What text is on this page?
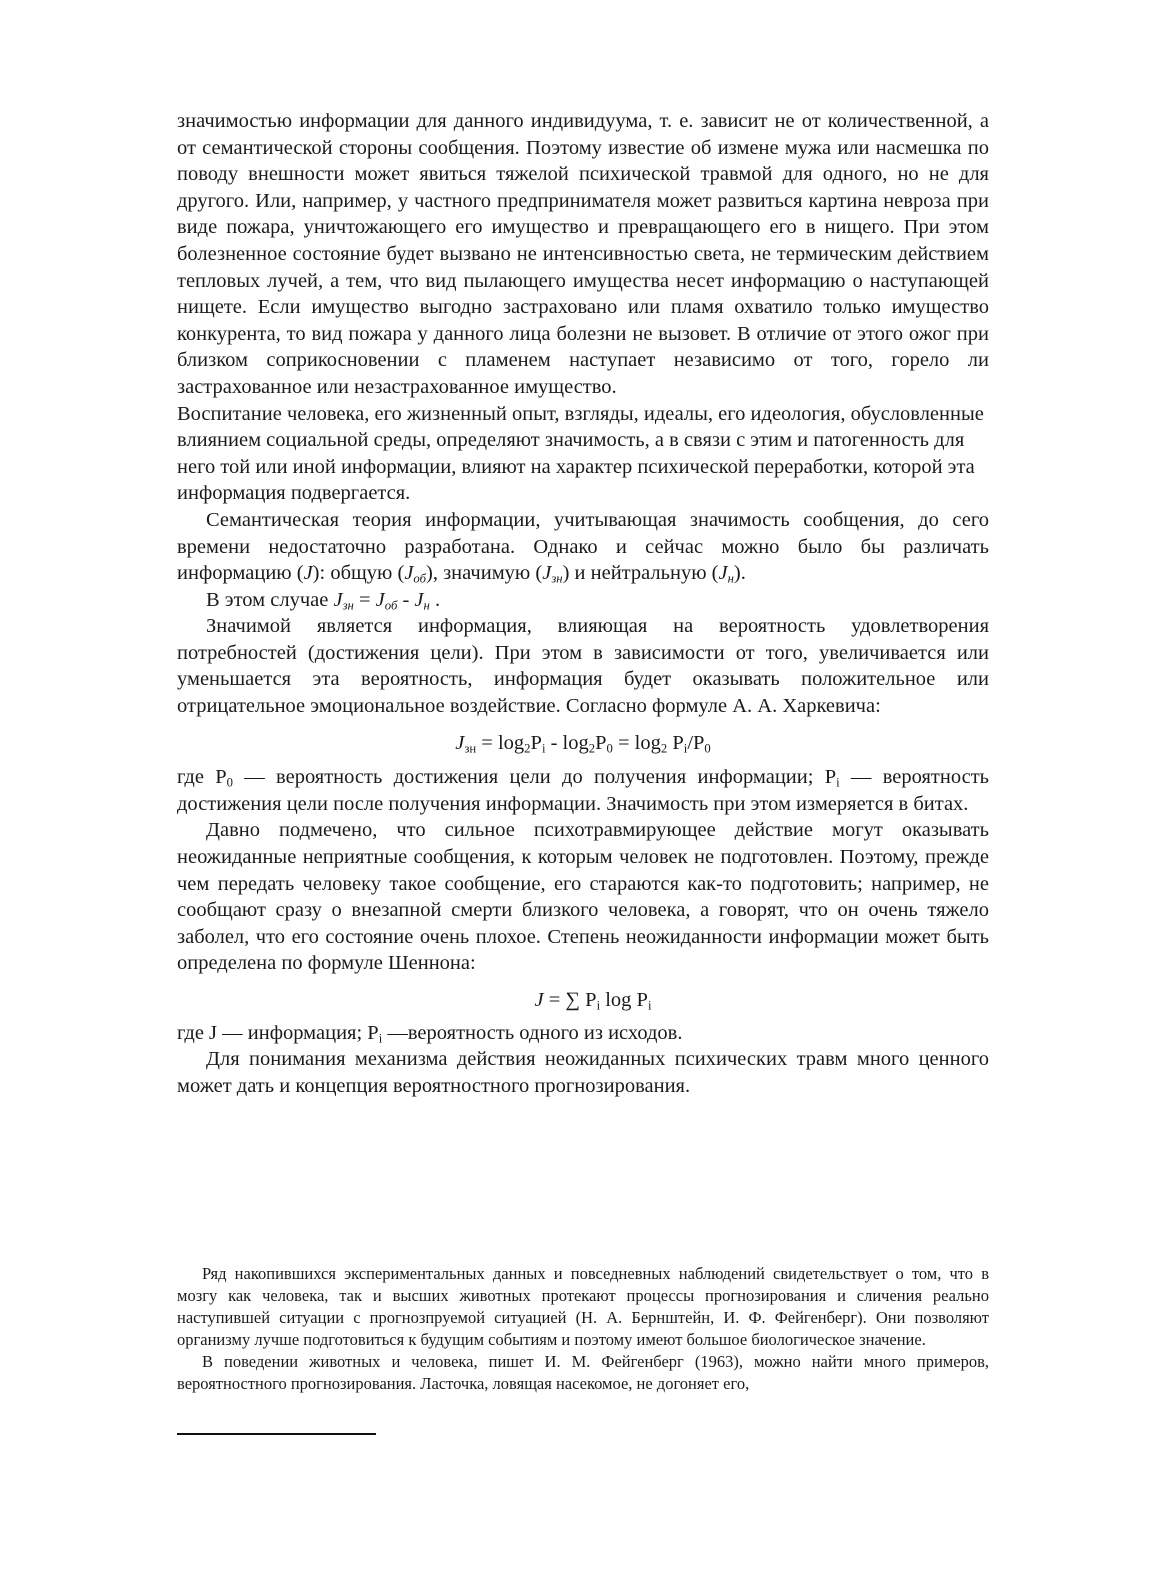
значимостью информации для данного индивидуума, т. е. зависит не от количественной, а от семантической стороны сообщения. Поэтому известие об измене мужа или насмешка по поводу внешности может явиться тяжелой психической травмой для одного, но не для другого. Или, например, у частного предпринимателя может развиться картина невроза при виде пожара, уничтожающего его имущество и превращающего его в нищего. При этом болезненное состояние будет вызвано не интенсивностью света, не термическим действием тепловых лучей, а тем, что вид пылающего имущества несет информацию о наступающей нищете. Если имущество выгодно застраховано или пламя охватило только имущество конкурента, то вид пожара у данного лица болезни не вызовет. В отличие от этого ожог при близком соприкосновении с пламенем наступает независимо от того, горело ли застрахованное или незастрахованное имущество.

Воспитание человека, его жизненный опыт, взгляды, идеалы, его идеология, обусловленные влиянием социальной среды, определяют значимость, а в связи с этим и патогенность для него той или иной информации, влияют на характер психической переработки, которой эта информация подвергается.

Семантическая теория информации, учитывающая значимость сообщения, до сего времени недостаточно разработана. Однако и сейчас можно было бы различать информацию (J): общую $(J_{об})$, значимую $(J_{зн})$ и нейтральную $(J_н)$.

В этом случае $J_{зн} = J_{об} - J_н$ .

Значимой является информация, влияющая на вероятность удовлетворения потребностей (достижения цели). При этом в зависимости от того, увеличивается или уменьшается эта вероятность, информация будет оказывать положительное или отрицательное эмоциональное воздействие. Согласно формуле А. А. Харкевича:

$J_{зн} = \log_2P_i - \log_2P_0 = \log_2 P_i/P_0$

где $P_0$ — вероятность достижения цели до получения информации; $P_i$ — вероятность достижения цели после получения информации. Значимость при этом измеряется в битах.

Давно подмечено, что сильное психотравмирующее действие могут оказывать неожиданные неприятные сообщения, к которым человек не подготовлен. Поэтому, прежде чем передать человеку такое сообщение, его стараются как-то подготовить; например, не сообщают сразу о внезапной смерти близкого человека, а говорят, что он очень тяжело заболел, что его состояние очень плохое. Степень неожиданности информации может быть определена по формуле Шеннона:

J = ∑ $P_i$ $\log P_i$

где J — информация; $P_i$ —вероятность одного из исходов.

Для понимания механизма действия неожиданных психических травм много ценного может дать и концепция вероятностного прогнозирования.

Ряд накопившихся экспериментальных данных и повседневных наблюдений свидетельствует о том, что в мозгу как человека, так и высших животных протекают процессы прогнозирования и сличения реально наступившей ситуации с прогнозпруемой ситуацией (Н. А. Бернштейн, И. Ф. Фейгенберг). Они позволяют организму лучше подготовиться к будущим событиям и поэтому имеют большое биологическое значение.

В поведении животных и человека, пишет И. М. Фейгенберг (1963), можно найти много примеров, вероятностного прогнозирования. Ласточка, ловящая насекомое, не догоняет его,
